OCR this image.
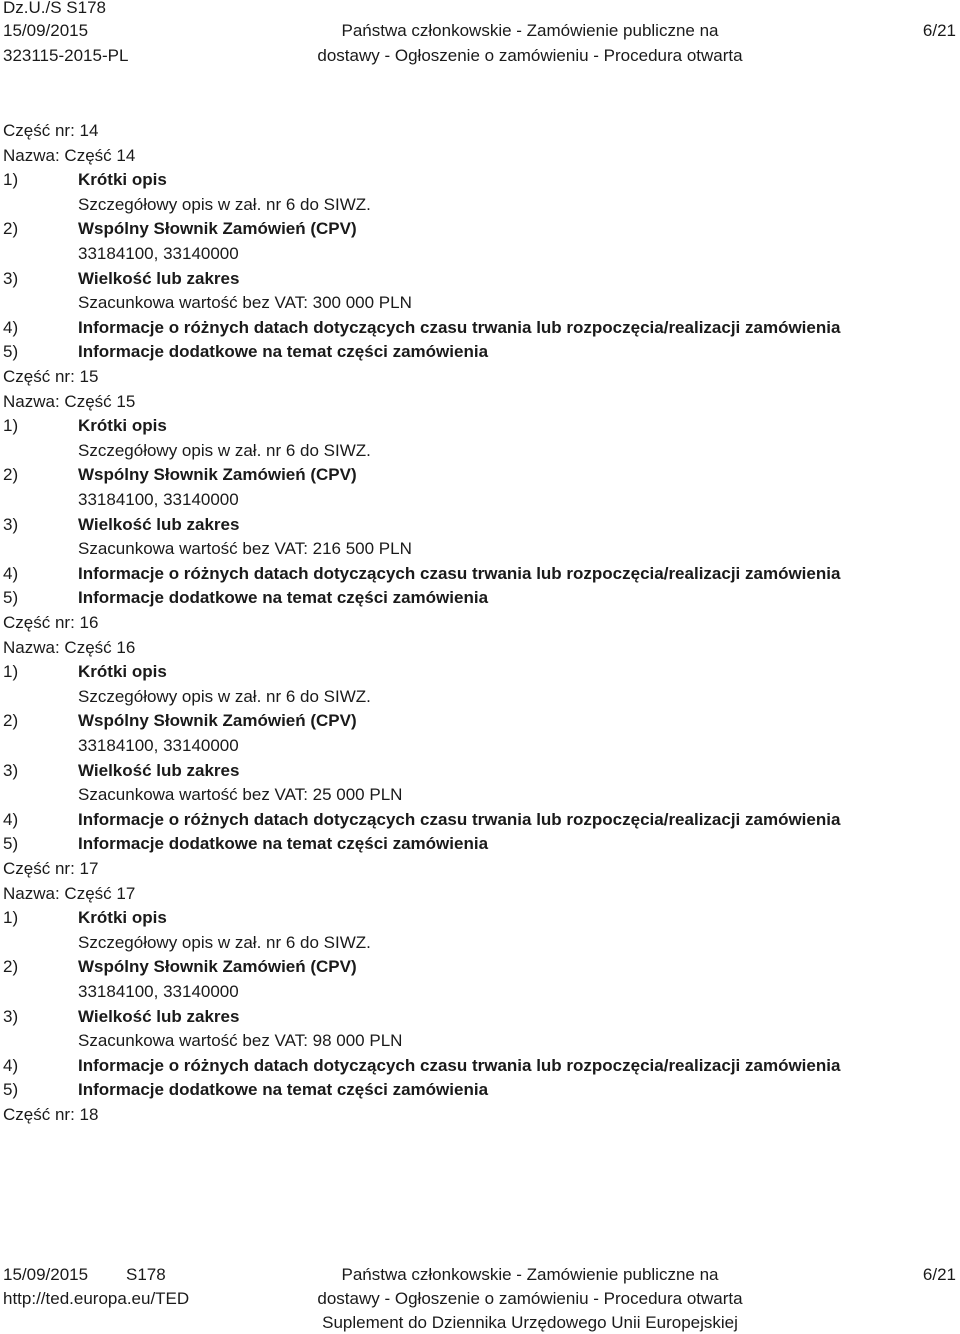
Dz.U./S S178
15/09/2015
323115-2015-PL
Państwa członkowskie - Zamówienie publiczne na
dostawy - Ogłoszenie o zamówieniu - Procedura otwarta
6/21
Część nr: 14
Nazwa: Część 14
1)	Krótki opis
Szczegółowy opis w zał. nr 6 do SIWZ.
2)	Wspólny Słownik Zamówień (CPV)
33184100, 33140000
3)	Wielkość lub zakres
Szacunkowa wartość bez VAT: 300 000 PLN
4)	Informacje o różnych datach dotyczących czasu trwania lub rozpoczęcia/realizacji zamówienia
5)	Informacje dodatkowe na temat części zamówienia
Część nr: 15
Nazwa: Część 15
1)	Krótki opis
Szczegółowy opis w zał. nr 6 do SIWZ.
2)	Wspólny Słownik Zamówień (CPV)
33184100, 33140000
3)	Wielkość lub zakres
Szacunkowa wartość bez VAT: 216 500 PLN
4)	Informacje o różnych datach dotyczących czasu trwania lub rozpoczęcia/realizacji zamówienia
5)	Informacje dodatkowe na temat części zamówienia
Część nr: 16
Nazwa: Część 16
1)	Krótki opis
Szczegółowy opis w zał. nr 6 do SIWZ.
2)	Wspólny Słownik Zamówień (CPV)
33184100, 33140000
3)	Wielkość lub zakres
Szacunkowa wartość bez VAT: 25 000 PLN
4)	Informacje o różnych datach dotyczących czasu trwania lub rozpoczęcia/realizacji zamówienia
5)	Informacje dodatkowe na temat części zamówienia
Część nr: 17
Nazwa: Część 17
1)	Krótki opis
Szczegółowy opis w zał. nr 6 do SIWZ.
2)	Wspólny Słownik Zamówień (CPV)
33184100, 33140000
3)	Wielkość lub zakres
Szacunkowa wartość bez VAT: 98 000 PLN
4)	Informacje o różnych datach dotyczących czasu trwania lub rozpoczęcia/realizacji zamówienia
5)	Informacje dodatkowe na temat części zamówienia
Część nr: 18
15/09/2015 S178
http://ted.europa.eu/TED
Państwa członkowskie - Zamówienie publiczne na
dostawy - Ogłoszenie o zamówieniu - Procedura otwarta
Suplement do Dziennika Urzędowego Unii Europejskiej
6/21
